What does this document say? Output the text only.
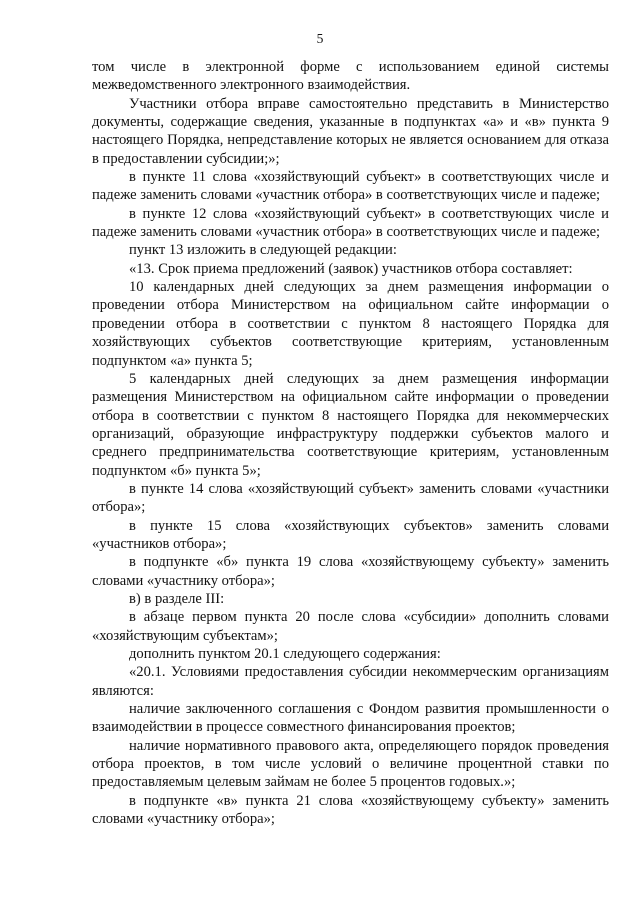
5

том числе в электронной форме с использованием единой системы межведомственного электронного взаимодействия.

Участники отбора вправе самостоятельно представить в Министерство документы, содержащие сведения, указанные в подпунктах «а» и «в» пункта 9 настоящего Порядка, непредставление которых не является основанием для отказа в предоставлении субсидии;»;

в пункте 11 слова «хозяйствующий субъект» в соответствующих числе и падеже заменить словами «участник отбора» в соответствующих числе и падеже;

в пункте 12 слова «хозяйствующий субъект» в соответствующих числе и падеже заменить словами «участник отбора» в соответствующих числе и падеже;

пункт 13 изложить в следующей редакции:

«13. Срок приема предложений (заявок) участников отбора составляет:

10 календарных дней следующих за днем размещения информации о проведении отбора Министерством на официальном сайте информации о проведении отбора в соответствии с пунктом 8 настоящего Порядка для хозяйствующих субъектов соответствующие критериям, установленным подпунктом «а» пункта 5;

5 календарных дней следующих за днем размещения информации размещения Министерством на официальном сайте информации о проведении отбора в соответствии с пунктом 8 настоящего Порядка для некоммерческих организаций, образующие инфраструктуру поддержки субъектов малого и среднего предпринимательства соответствующие критериям, установленным подпунктом «б» пункта 5»;

в пункте 14 слова «хозяйствующий субъект» заменить словами «участники отбора»;

в пункте 15 слова «хозяйствующих субъектов» заменить словами «участников отбора»;

в подпункте «б» пункта 19 слова «хозяйствующему субъекту» заменить словами «участнику отбора»;

в) в разделе III:

в абзаце первом пункта 20 после слова «субсидии» дополнить словами «хозяйствующим субъектам»;

дополнить пунктом 20.1 следующего содержания:

«20.1. Условиями предоставления субсидии некоммерческим организациям являются:

наличие заключенного соглашения с Фондом развития промышленности о взаимодействии в процессе совместного финансирования проектов;

наличие нормативного правового акта, определяющего порядок проведения отбора проектов, в том числе условий о величине процентной ставки по предоставляемым целевым займам не более 5 процентов годовых.»;

в подпункте «в» пункта 21 слова «хозяйствующему субъекту» заменить словами «участнику отбора»;
